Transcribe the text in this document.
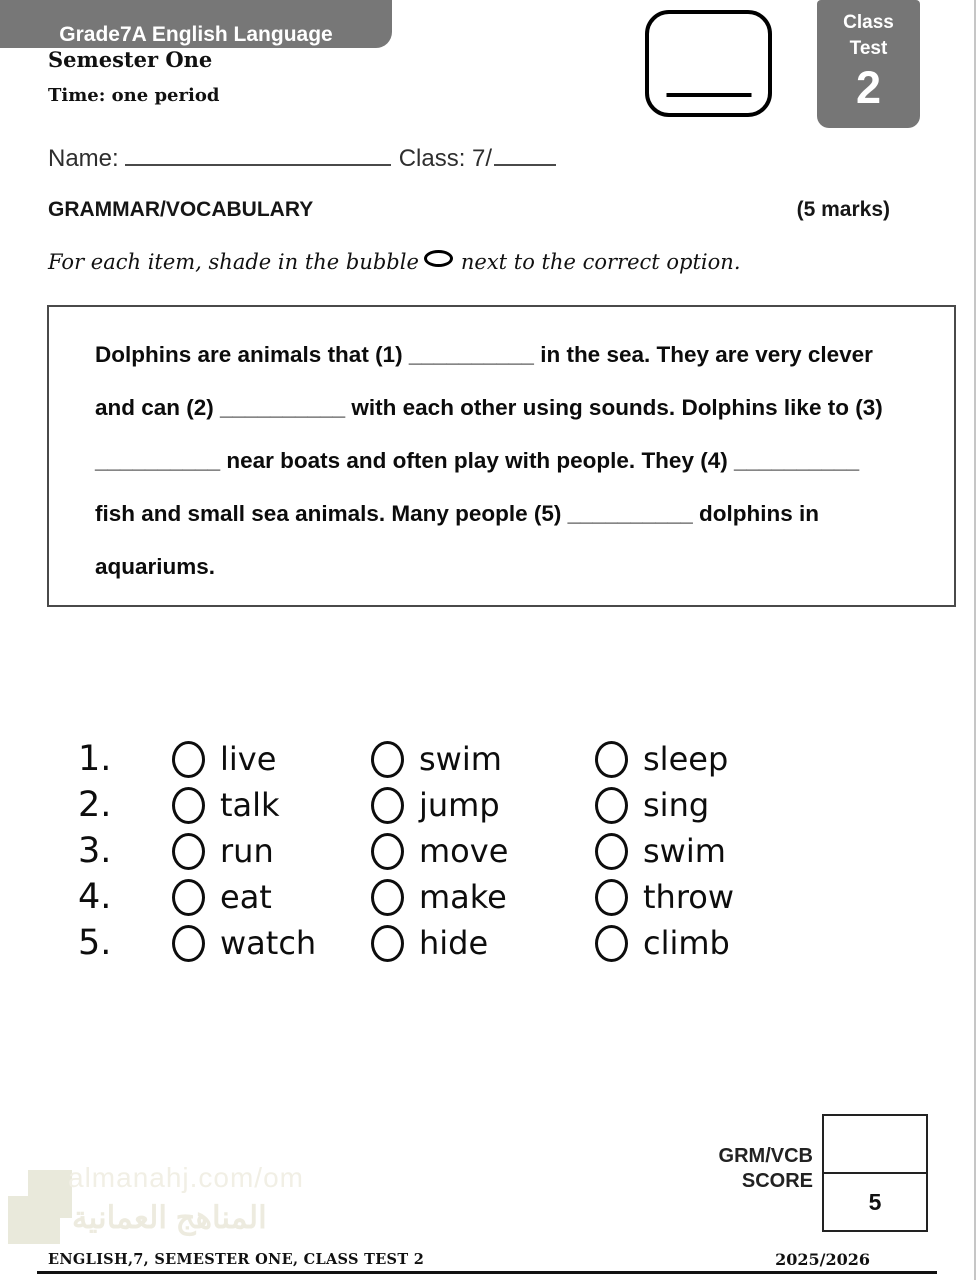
Grade7A English Language
Semester One
Time: one period
Class
Test
2
Name:	Class: 7/
GRAMMAR/VOCABULARY	(5 marks)
For each item, shade in the bubble next to the correct option.
Dolphins are animals that (1) __________ in the sea. They are very clever
and can (2) __________ with each other using sounds. Dolphins like to (3)
__________ near boats and often play with people. They (4) __________
fish and small sea animals. Many people (5) __________ dolphins in
aquariums.
1.	live	swim	sleep
2.	talk	jump	sing
3.	run	move	swim
4.	eat	make	throw
5.	watch	hide	climb
GRM/VCB
SCORE
5
almanahj.com/om
المناهج العمانية
ENGLISH,7, SEMESTER ONE, CLASS TEST 2	2025/2026
